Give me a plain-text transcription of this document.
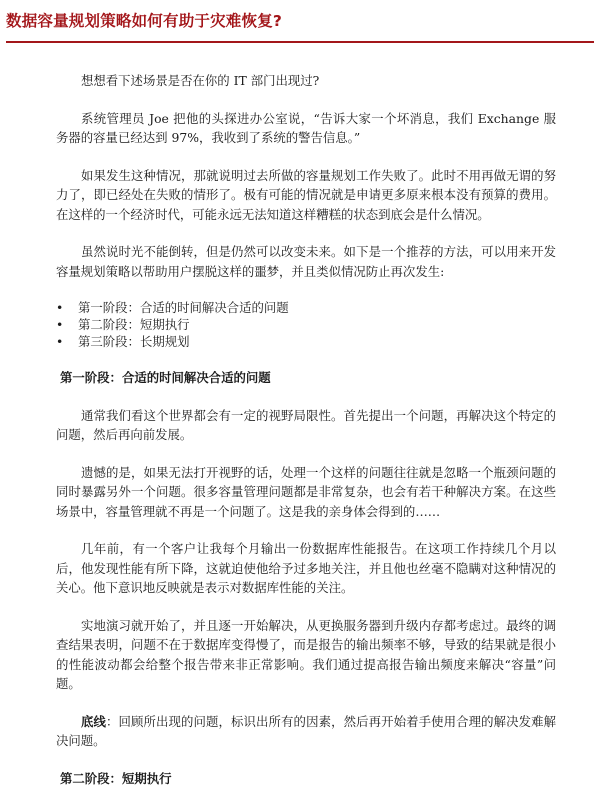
数据容量规划策略如何有助于灾难恢复?

想想看下述场景是否在你的 IT 部门出现过?

系统管理员 Joe 把他的头探进办公室说，“告诉大家一个坏消息，我们 Exchange 服务器的容量已经达到 97%，我收到了系统的警告信息。”

如果发生这种情况，那就说明过去所做的容量规划工作失败了。此时不用再做无谓的努力了，即已经处在失败的情形了。极有可能的情况就是申请更多原来根本没有预算的费用。在这样的一个经济时代，可能永远无法知道这样糟糕的状态到底会是什么情况。

虽然说时光不能倒转，但是仍然可以改变未来。如下是一个推荐的方法，可以用来开发容量规划策略以帮助用户摆脱这样的噩梦，并且类似情况防止再次发生:

• 第一阶段：合适的时间解决合适的问题
• 第二阶段：短期执行
• 第三阶段：长期规划
第一阶段：合适的时间解决合适的问题

通常我们看这个世界都会有一定的视野局限性。首先提出一个问题，再解决这个特定的问题，然后再向前发展。

遗憾的是，如果无法打开视野的话，处理一个这样的问题往往就是忽略一个瓶颈问题的同时暴露另外一个问题。很多容量管理问题都是非常复杂，也会有若干种解决方案。在这些场景中，容量管理就不再是一个问题了。这是我的亲身体会得到的……

几年前，有一个客户让我每个月输出一份数据库性能报告。在这项工作持续几个月以后，他发现性能有所下降，这就迫使他给予过多地关注，并且他也丝毫不隐瞒对这种情况的关心。他下意识地反映就是表示对数据库性能的关注。

实地演习就开始了，并且逐一开始解决，从更换服务器到升级内存都考虑过。最终的调查结果表明，问题不在于数据库变得慢了，而是报告的输出频率不够，导致的结果就是很小的性能波动都会给整个报告带来非正常影响。我们通过提高报告输出频度来解决“容量”问题。

底线：回顾所出现的问题，标识出所有的因素，然后再开始着手使用合理的解决发难解决问题。

第二阶段：短期执行
